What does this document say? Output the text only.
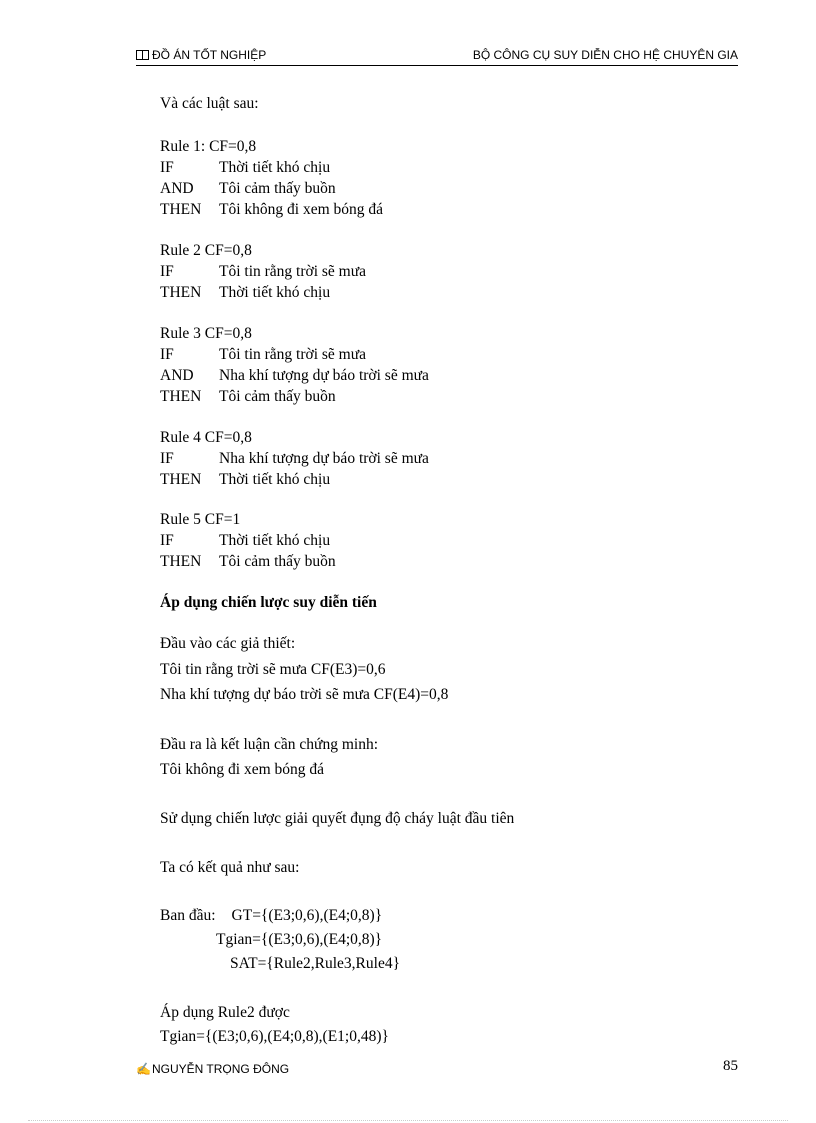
ĐỒ ÁN TỐT NGHIỆP	BỘ CÔNG CỤ SUY DIỄN CHO HỆ CHUYÊN GIA
Và các luật sau:
Rule 1: CF=0,8
IF	Thời tiết khó chịu
AND Tôi cảm thấy buồn
THEN Tôi không đi xem bóng đá
Rule 2 CF=0,8
IF	Tôi tin rằng trời sẽ mưa
THEN Thời tiết khó chịu
Rule 3 CF=0,8
IF	Tôi tin rằng trời sẽ mưa
AND Nha khí tượng dự báo trời sẽ mưa
THEN Tôi cảm thấy buồn
Rule 4 CF=0,8
IF	Nha khí tượng dự báo trời sẽ mưa
THEN Thời tiết khó chịu
Rule 5 CF=1
IF	Thời tiết khó chịu
THEN Tôi cảm thấy buồn
Áp dụng chiến lược suy diễn tiến
Đầu vào các giả thiết:
Tôi tin rằng trời sẽ mưa CF(E3)=0,6
Nha khí tượng dự báo trời sẽ mưa CF(E4)=0,8
Đầu ra là kết luận cần chứng minh:
Tôi không đi xem bóng đá
Sử dụng chiến lược giải quyết đụng độ cháy luật đầu tiên
Ta có kết quả như sau:
Ban đầu: GT={(E3;0,6),(E4;0,8)}
Tgian={(E3;0,6),(E4;0,8)}
SAT={Rule2,Rule3,Rule4}
Áp dụng Rule2 được
Tgian={(E3;0,6),(E4;0,8),(E1;0,48)}
✍NGUYỄN TRỌNG ĐÔNG	85
